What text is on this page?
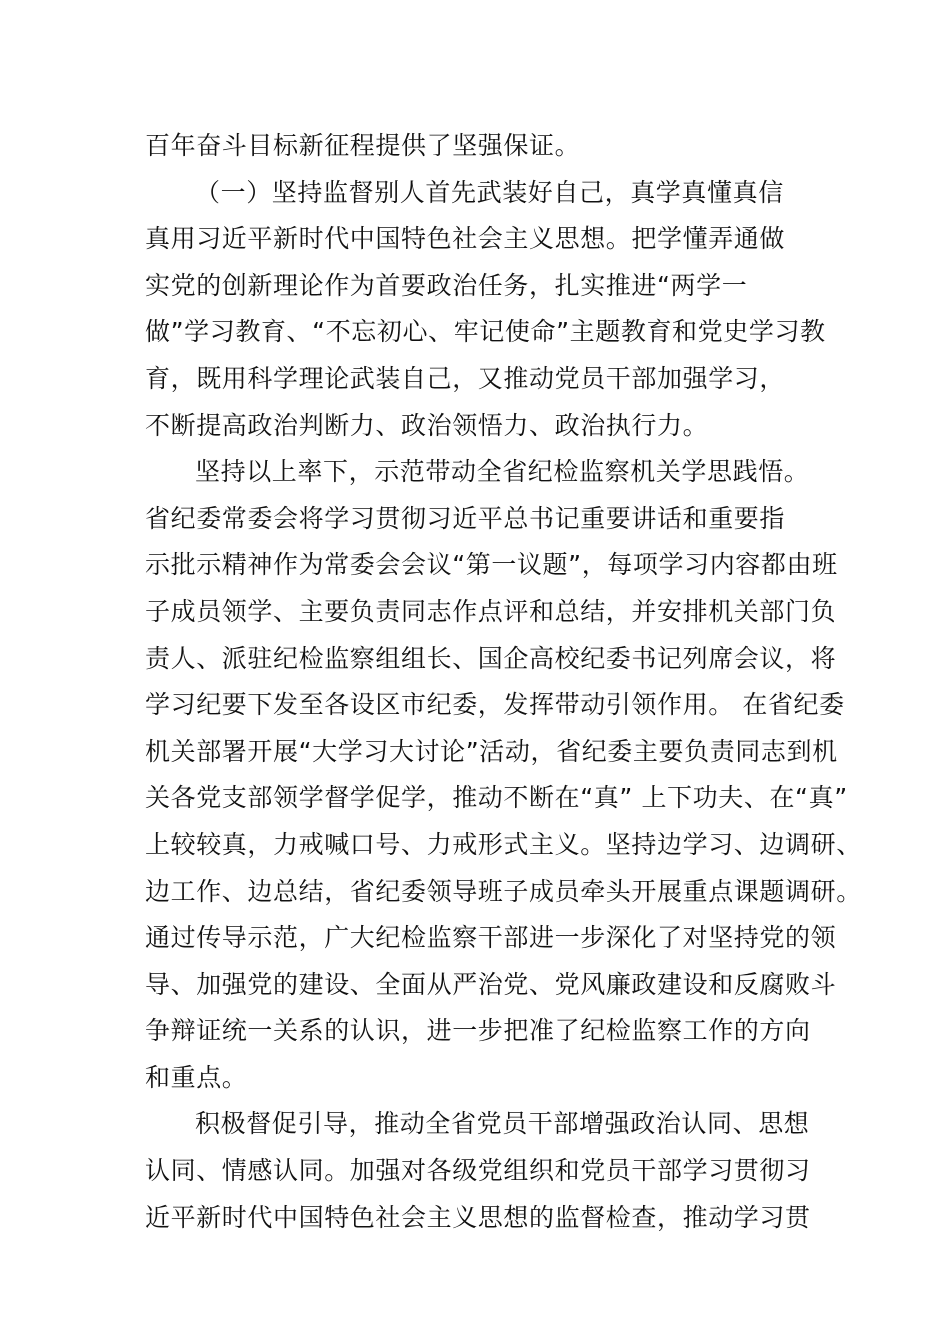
百年奋斗目标新征程提供了坚强保证。
（一）坚持监督别人首先武装好自己，真学真懂真信
真用习近平新时代中国特色社会主义思想。把学懂弄通做
实党的创新理论作为首要政治任务，扎实推进“两学一
做”学习教育、“不忘初心、牢记使命”主题教育和党史学习教
育，既用科学理论武装自己，又推动党员干部加强学习，
不断提高政治判断力、政治领悟力、政治执行力。
坚持以上率下，示范带动全省纪检监察机关学思践悟。
省纪委常委会将学习贯彻习近平总书记重要讲话和重要指
示批示精神作为常委会会议“第一议题”，每项学习内容都由班
子成员领学、主要负责同志作点评和总结，并安排机关部门负
责人、派驻纪检监察组组长、国企高校纪委书记列席会议，将
学习纪要下发至各设区市纪委，发挥带动引领作用。 在省纪委
机关部署开展“大学习大讨论”活动，省纪委主要负责同志到机
关各党支部领学督学促学，推动不断在“真” 上下功夫、在“真”
上较较真，力戒喊口号、力戒形式主义。坚持边学习、边调研、
边工作、边总结，省纪委领导班子成员牵头开展重点课题调研。
通过传导示范，广大纪检监察干部进一步深化了对坚持党的领
导、加强党的建设、全面从严治党、党风廉政建设和反腐败斗
争辩证统一关系的认识，进一步把准了纪检监察工作的方向
和重点。
积极督促引导，推动全省党员干部增强政治认同、思想
认同、情感认同。加强对各级党组织和党员干部学习贯彻习
近平新时代中国特色社会主义思想的监督检查，推动学习贯
